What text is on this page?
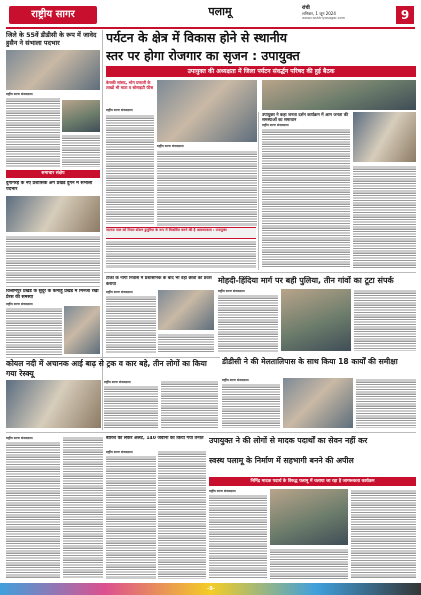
राष्ट्रीय सागर	पलामू	रांची
शनिवार, 1 जून 2024
www.rashtriyasagar.com	9
जिले के 55वें डीडीसी के रूप में जावेद हुसैन ने संभाला पदभार
राष्ट्रीय सागर संवाददाता
समाचार संक्षेप
दुर्गागरह के नए प्रशासिक अंग प्रखंड दुगन में संभाला पदभार
विश्रामपुर प्रखंड के सुदूर के कमाहू प्रखंड में मिनजा रखी प्रेरस की समस्या
राष्ट्रीय सागर संवाददाता
पर्यटन के क्षेत्र में विकास होने से स्थानीय
स्तर पर होगा रोजगार का सृजन : उपायुक्त
उपायुक्त की अध्यक्षता में जिला पर्यटन संवर्द्धन परिषद की हुई बैठक
केचकी सांसद, भोग प्रणाली के लाखों भी माता व सोसाइटी फीस
राष्ट्रीय सागर संवाददाता
राष्ट्रीय सागर संवाददाता
जातपा पाल को रियल स्टेशन डुमूरिया के रूप में विकसित करने की है आवश्यकता : उपायुक्त
उपायुक्त ने कहा जनता दर्शन कार्यक्रम में आम जनता की समस्याओं का समाधान
राष्ट्रीय सागर संवाददाता
टीका के नागी निवास में प्रशासनिक के बाद भी वहाँ छात्रों को प्रवेश कराया
राष्ट्रीय सागर संवाददाता
मोहदी-हिंदिया मार्ग पर बही पुलिया, तीन गांवों का टूटा संपर्क
राष्ट्रीय सागर संवाददाता
कोयल नदी में अचानक आई बाढ़ से ट्रक व कार बहे, तीन लोगों का किया गया रेस्क्यू
राष्ट्रीय सागर संवाददाता
डीडीसी ने की मेलतालिपास के साथ किया 18 कार्यों की समीक्षा
राष्ट्रीय सागर संवाददाता
राष्ट्रीय सागर संवाददाता	बारिश को लेकर अलर्ट, 140 जवानों को किया गया तैनात
राष्ट्रीय सागर संवाददाता
उपायुक्त ने की लोगों से मादक पदार्थों का सेवन नहीं कर
स्वस्थ पलामू के निर्माण में सहभागी बनने की अपील
निर्मिद्र मादक पदार्थ के विरुद्ध पलामू में चलाया जा रहा है जागरूकता कार्यक्रम
राष्ट्रीय सागर संवाददाता
-9-
